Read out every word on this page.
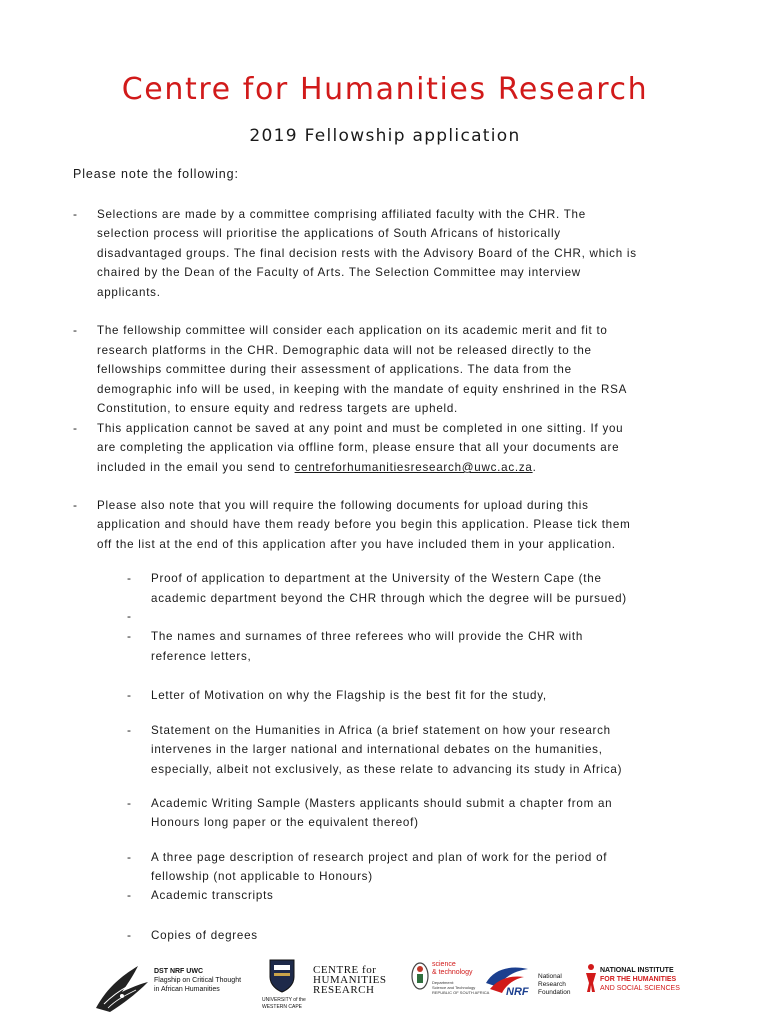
Centre for Humanities Research
2019 Fellowship application
Please note the following:
- Selections are made by a committee comprising affiliated faculty with the CHR. The
selection process will prioritise the applications of South Africans of historically
disadvantaged groups. The final decision rests with the Advisory Board of the CHR, which is
chaired by the Dean of the Faculty of Arts. The Selection Committee may interview
applicants.
- The fellowship committee will consider each application on its academic merit and fit to
research platforms in the CHR. Demographic data will not be released directly to the
fellowships committee during their assessment of applications. The data from the
demographic info will be used, in keeping with the mandate of equity enshrined in the RSA
Constitution, to ensure equity and redress targets are upheld.
- This application cannot be saved at any point and must be completed in one sitting. If you
are completing the application via offline form, please ensure that all your documents are
included in the email you send to centreforhumanitiesresearch@uwc.ac.za.
- Please also note that you will require the following documents for upload during this
application and should have them ready before you begin this application. Please tick them
off the list at the end of this application after you have included them in your application.
- Proof of application to department at the University of the Western Cape (the
academic department beyond the CHR through which the degree will be pursued)
-
- The names and surnames of three referees who will provide the CHR with
reference letters,
- Letter of Motivation on why the Flagship is the best fit for the study,
- Statement on the Humanities in Africa (a brief statement on how your research
intervenes in the larger national and international debates on the humanities,
especially, albeit not exclusively, as these relate to advancing its study in Africa)
- Academic Writing Sample (Masters applicants should submit a chapter from an
Honours long paper or the equivalent thereof)
- A three page description of research project and plan of work for the period of
fellowship (not applicable to Honours)
- Academic transcripts
- Copies of degrees
DST NRF UWC
Flagship on Critical Thought
in African Humanities
UNIVERSITY of the
WESTERN CAPE
CENTRE for
HUMANITIES
RESEARCH
science
& technology
Department:
Science and Technology
REPUBLIC OF SOUTH AFRICA NRF
National
Research
Foundation
NATIONAL INSTITUTE
FOR THE HUMANITIES
AND SOCIAL SCIENCES
